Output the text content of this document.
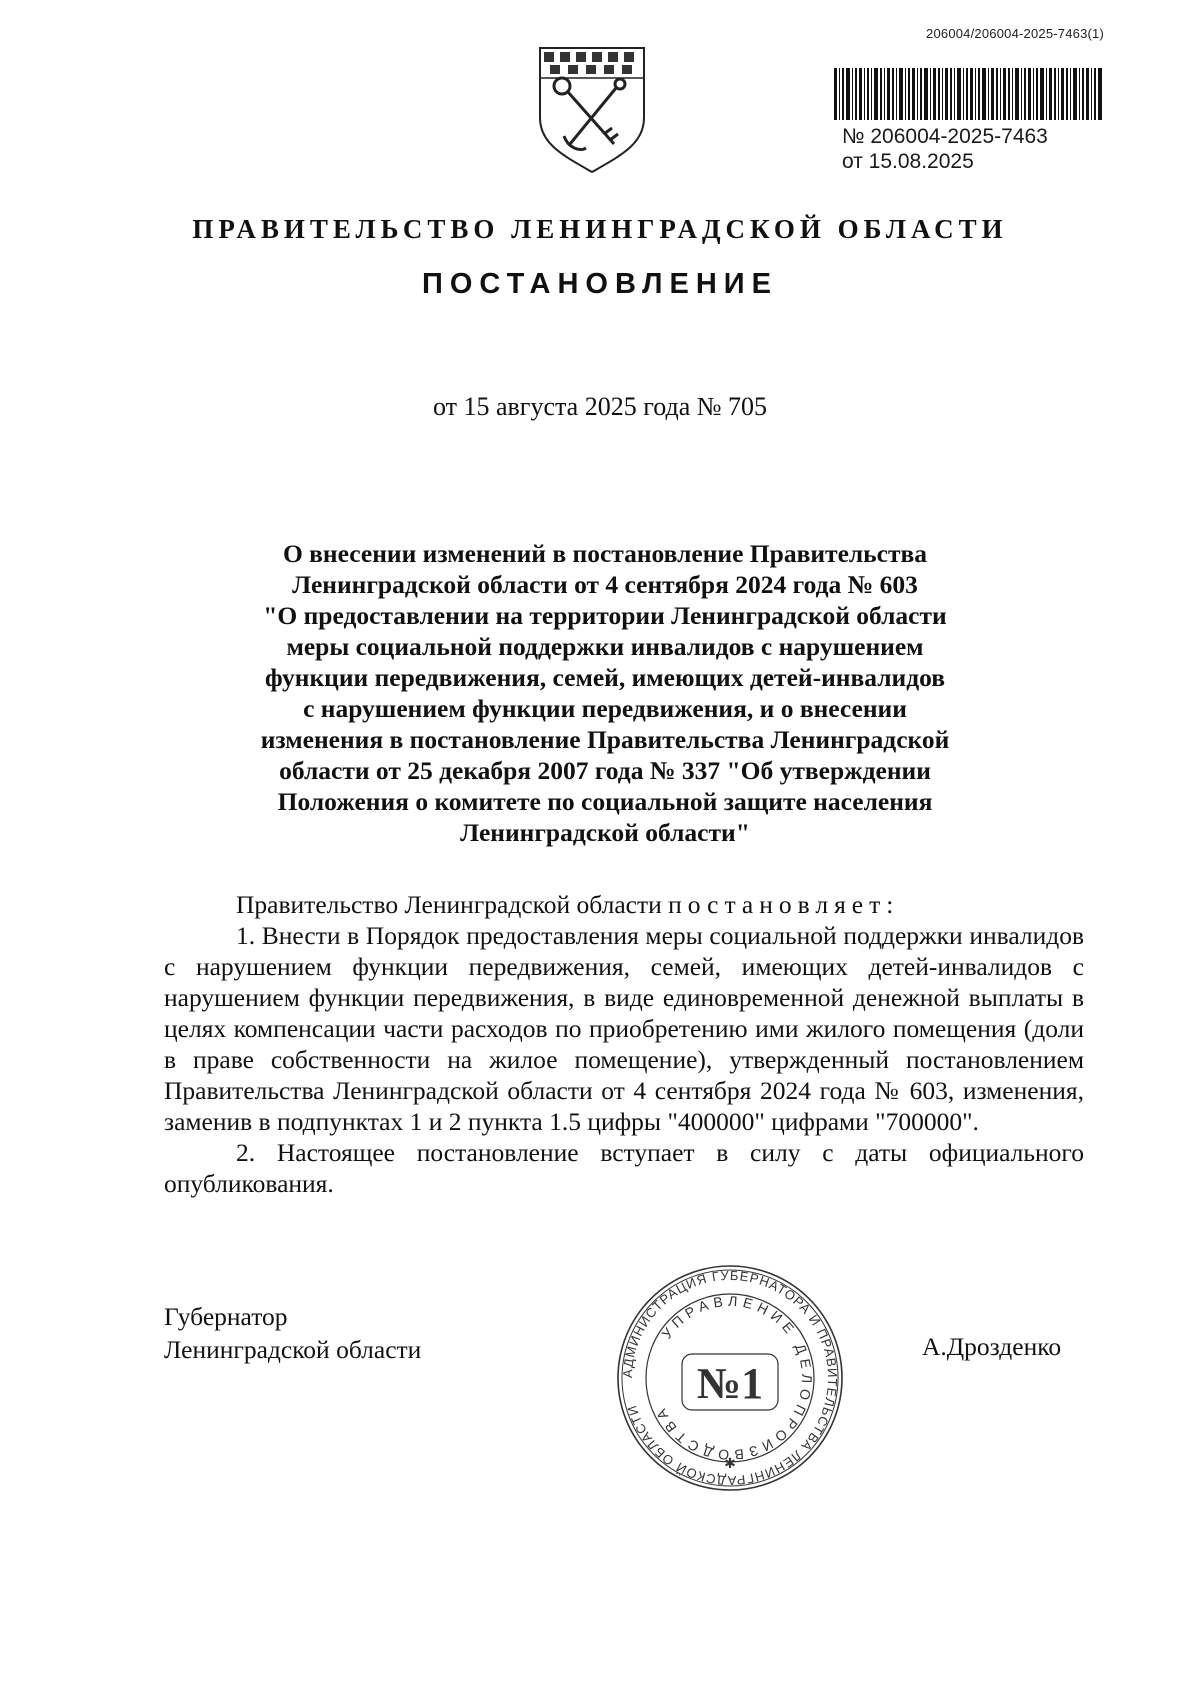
206004/206004-2025-7463(1)
№ 206004-2025-7463
от 15.08.2025
ПРАВИТЕЛЬСТВО ЛЕНИНГРАДСКОЙ ОБЛАСТИ
ПОСТАНОВЛЕНИЕ
от 15 августа 2025 года № 705
О внесении изменений в постановление Правительства
Ленинградской области от 4 сентября 2024 года № 603
"О предоставлении на территории Ленинградской области
меры социальной поддержки инвалидов с нарушением
функции передвижения, семей, имеющих детей-инвалидов
с нарушением функции передвижения, и о внесении
изменения в постановление Правительства Ленинградской
области от 25 декабря 2007 года № 337 "Об утверждении
Положения о комитете по социальной защите населения
Ленинградской области"

Правительство Ленинградской области постановляет:

1. Внести в Порядок предоставления меры социальной поддержки инвалидов с нарушением функции передвижения, семей, имеющих детей-инвалидов с нарушением функции передвижения, в виде единовременной денежной выплаты в целях компенсации части расходов по приобретению ими жилого помещения (доли в праве собственности на жилое помещение), утвержденный постановлением Правительства Ленинградской области от 4 сентября 2024 года № 603, изменения, заменив в подпунктах 1 и 2 пункта 1.5 цифры "400000" цифрами "700000".

2. Настоящее постановление вступает в силу с даты официального опубликования.

Губернатор
Ленинградской области
АДМИНИСТРАЦИЯ ГУБЕРНАТОРА И ПРАВИТЕЛЬСТВА ЛЕНИНГРАДСКОЙ ОБЛАСТИ
УПРАВЛЕНИЕ ДЕЛОПРОИЗВОДСТВА
№1
✱
А.Дрозденко
